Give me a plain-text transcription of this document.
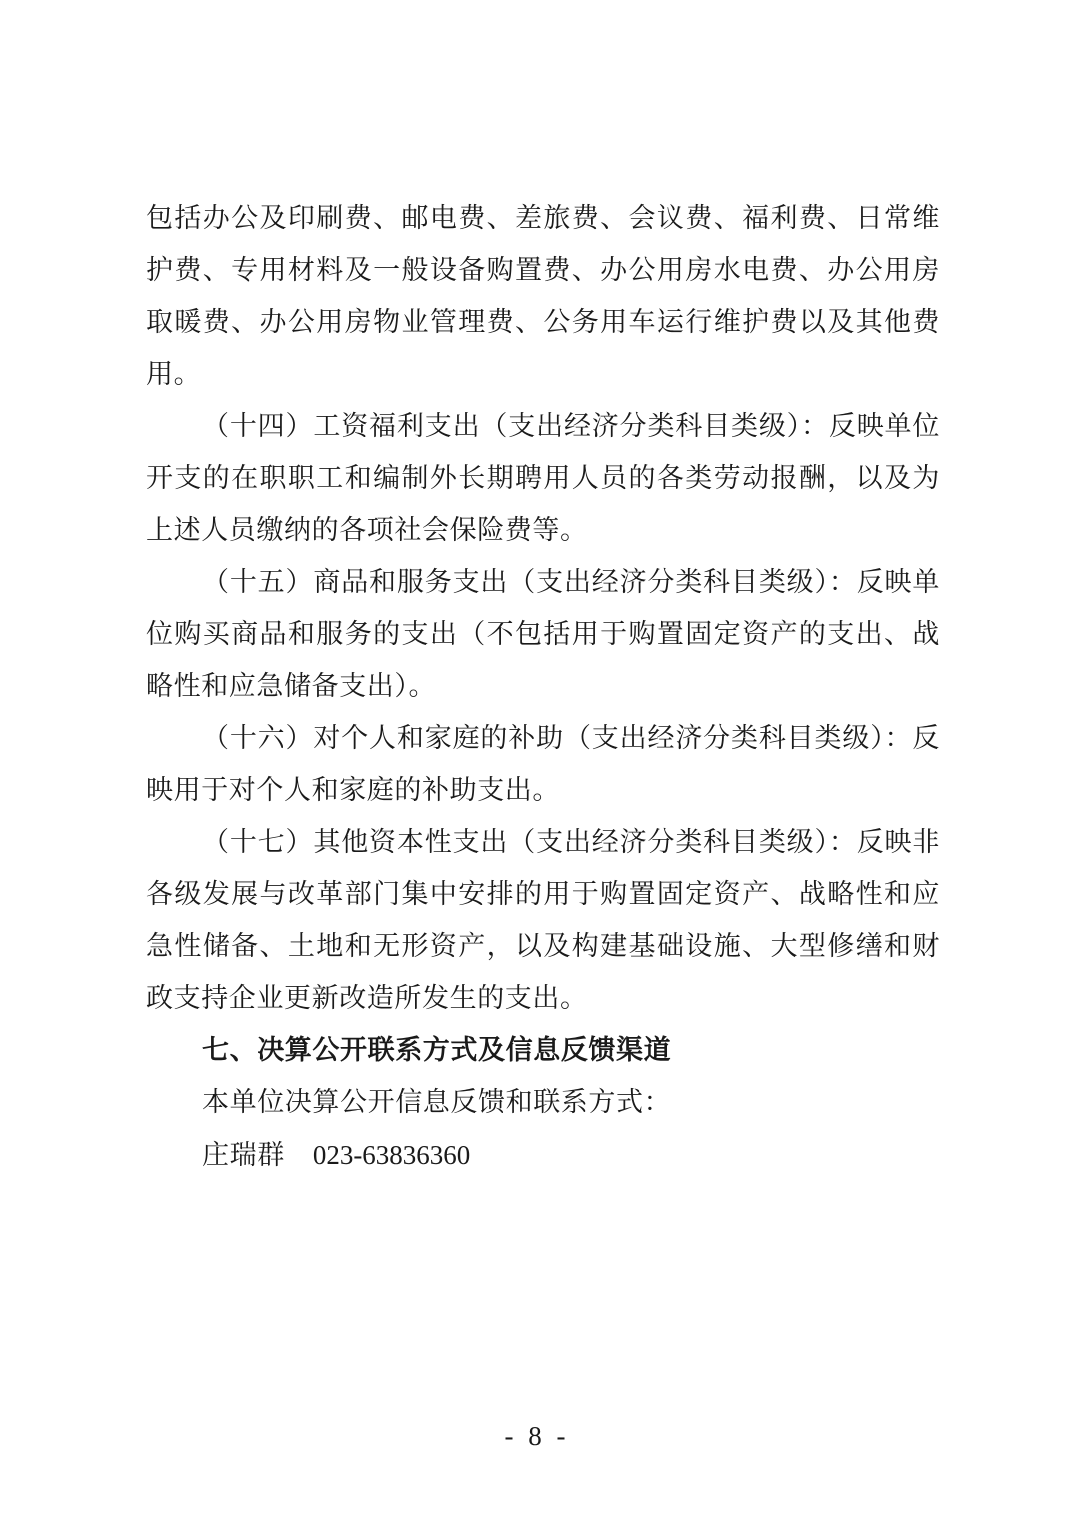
包括办公及印刷费、邮电费、差旅费、会议费、福利费、日常维护费、专用材料及一般设备购置费、办公用房水电费、办公用房取暖费、办公用房物业管理费、公务用车运行维护费以及其他费用。

（十四）工资福利支出（支出经济分类科目类级）：反映单位开支的在职职工和编制外长期聘用人员的各类劳动报酬，以及为上述人员缴纳的各项社会保险费等。

（十五）商品和服务支出（支出经济分类科目类级）：反映单位购买商品和服务的支出（不包括用于购置固定资产的支出、战略性和应急储备支出）。

（十六）对个人和家庭的补助（支出经济分类科目类级）：反映用于对个人和家庭的补助支出。

（十七）其他资本性支出（支出经济分类科目类级）：反映非各级发展与改革部门集中安排的用于购置固定资产、战略性和应急性储备、土地和无形资产，以及构建基础设施、大型修缮和财政支持企业更新改造所发生的支出。

七、决算公开联系方式及信息反馈渠道

本单位决算公开信息反馈和联系方式：

庄瑞群 023-63836360

- 8 -
